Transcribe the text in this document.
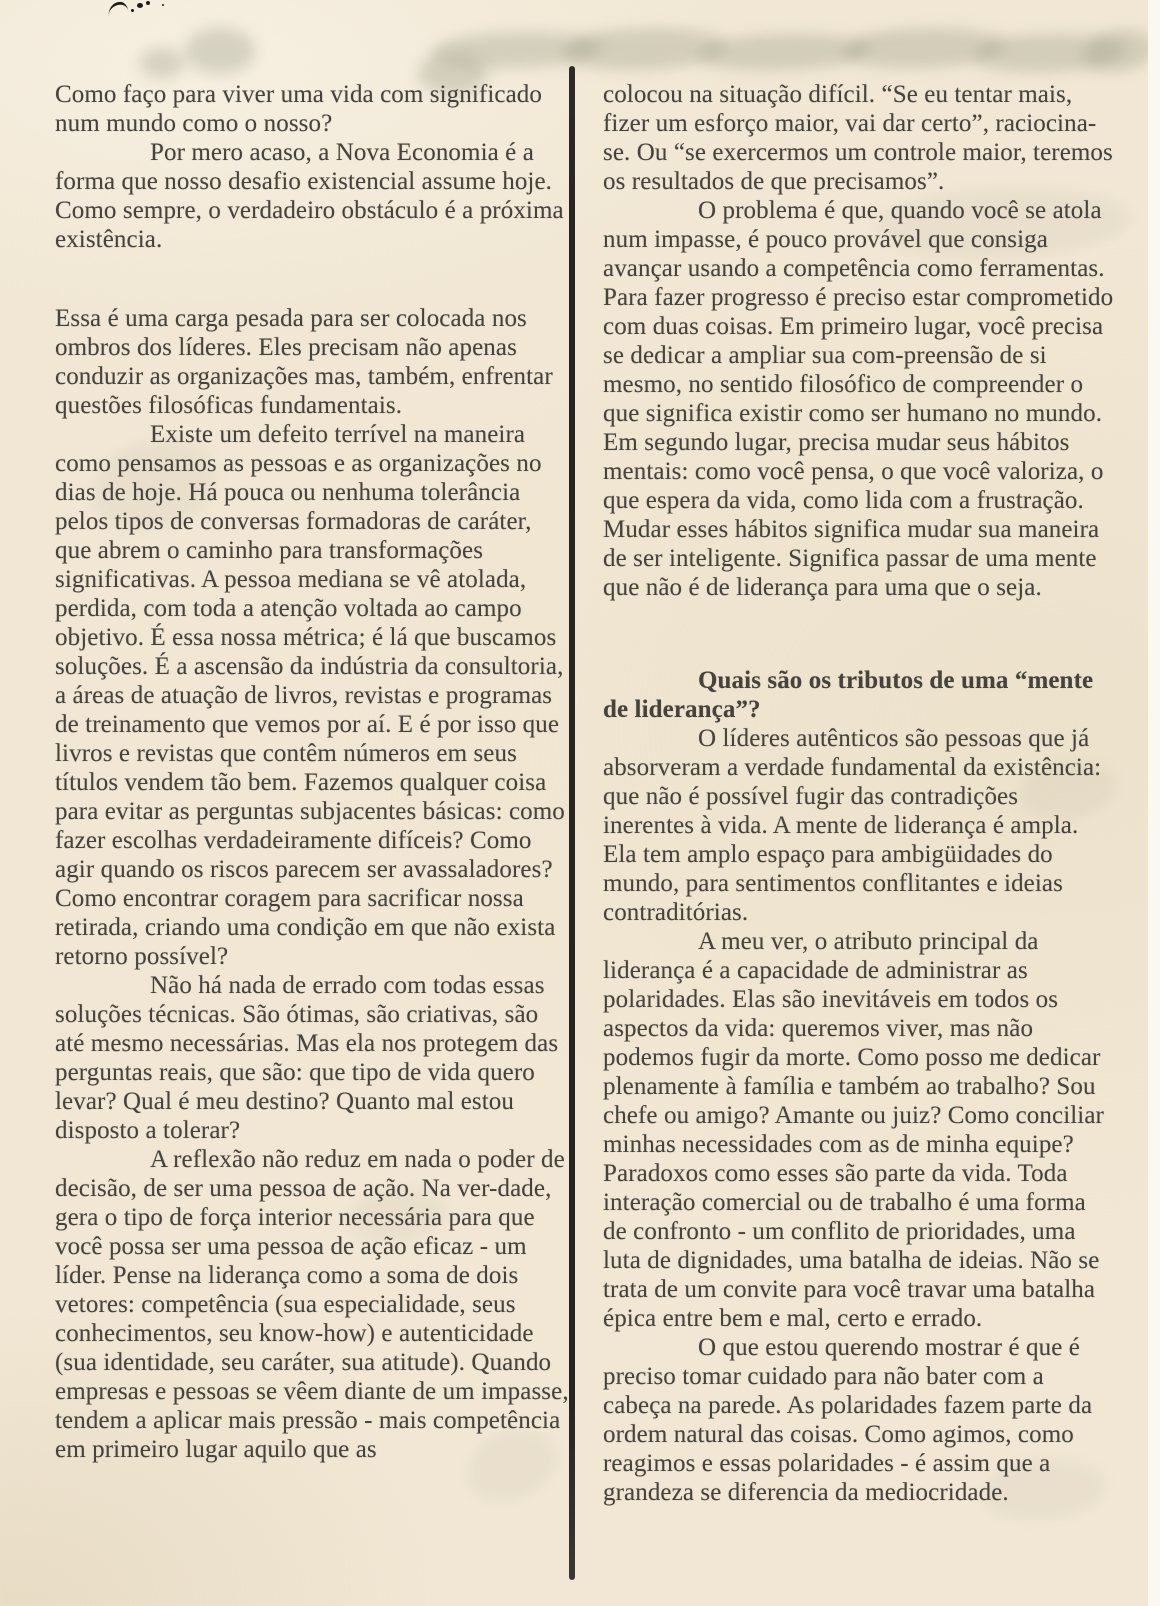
Como faço para viver uma vida com significado num mundo como o nosso?

Por mero acaso, a Nova Economia é a forma que nosso desafio existencial assume hoje. Como sempre, o verdadeiro obstáculo é a próxima existência.

Essa é uma carga pesada para ser colocada nos ombros dos líderes. Eles precisam não apenas conduzir as organizações mas, também, enfrentar questões filosóficas fundamentais.

Existe um defeito terrível na maneira como pensamos as pessoas e as organizações no dias de hoje. Há pouca ou nenhuma tolerância pelos tipos de conversas formadoras de caráter, que abrem o caminho para transformações significativas. A pessoa mediana se vê atolada, perdida, com toda a atenção voltada ao campo objetivo. É essa nossa métrica; é lá que buscamos soluções. É a ascensão da indústria da consultoria, a áreas de atuação de livros, revistas e programas de treinamento que vemos por aí. E é por isso que livros e revistas que contêm números em seus títulos vendem tão bem. Fazemos qualquer coisa para evitar as perguntas subjacentes básicas: como fazer escolhas verdadeiramente difíceis? Como agir quando os riscos parecem ser avassaladores? Como encontrar coragem para sacrificar nossa retirada, criando uma condição em que não exista retorno possível?

Não há nada de errado com todas essas soluções técnicas. São ótimas, são criativas, são até mesmo necessárias. Mas ela nos protegem das perguntas reais, que são: que tipo de vida quero levar? Qual é meu destino? Quanto mal estou disposto a tolerar?

A reflexão não reduz em nada o poder de decisão, de ser uma pessoa de ação. Na ver-dade, gera o tipo de força interior necessária para que você possa ser uma pessoa de ação eficaz - um líder. Pense na liderança como a soma de dois vetores: competência (sua especialidade, seus conhecimentos, seu know-how) e autenticidade (sua identidade, seu caráter, sua atitude). Quando empresas e pessoas se vêem diante de um impasse, tendem a aplicar mais pressão - mais competência em primeiro lugar aquilo que as

colocou na situação difícil. “Se eu tentar mais, fizer um esforço maior, vai dar certo”, raciocina-se. Ou “se exercermos um controle maior, teremos os resultados de que precisamos”.

O problema é que, quando você se atola num impasse, é pouco provável que consiga avançar usando a competência como ferramentas. Para fazer progresso é preciso estar comprometido com duas coisas. Em primeiro lugar, você precisa se dedicar a ampliar sua com-preensão de si mesmo, no sentido filosófico de compreender o que significa existir como ser humano no mundo. Em segundo lugar, precisa mudar seus hábitos mentais: como você pensa, o que você valoriza, o que espera da vida, como lida com a frustração. Mudar esses hábitos significa mudar sua maneira de ser inteligente. Significa passar de uma mente que não é de liderança para uma que o seja.

Quais são os tributos de uma “mente de liderança”?

O líderes autênticos são pessoas que já absorveram a verdade fundamental da existência: que não é possível fugir das contradições inerentes à vida. A mente de liderança é ampla. Ela tem amplo espaço para ambigüidades do mundo, para sentimentos conflitantes e ideias contraditórias.

A meu ver, o atributo principal da liderança é a capacidade de administrar as polaridades. Elas são inevitáveis em todos os aspectos da vida: queremos viver, mas não podemos fugir da morte. Como posso me dedicar plenamente à família e também ao trabalho? Sou chefe ou amigo? Amante ou juiz? Como conciliar minhas necessidades com as de minha equipe? Paradoxos como esses são parte da vida. Toda interação comercial ou de trabalho é uma forma de confronto - um conflito de prioridades, uma luta de dignidades, uma batalha de ideias. Não se trata de um convite para você travar uma batalha épica entre bem e mal, certo e errado.

O que estou querendo mostrar é que é preciso tomar cuidado para não bater com a cabeça na parede. As polaridades fazem parte da ordem natural das coisas. Como agimos, como reagimos e essas polaridades - é assim que a grandeza se diferencia da mediocridade.
